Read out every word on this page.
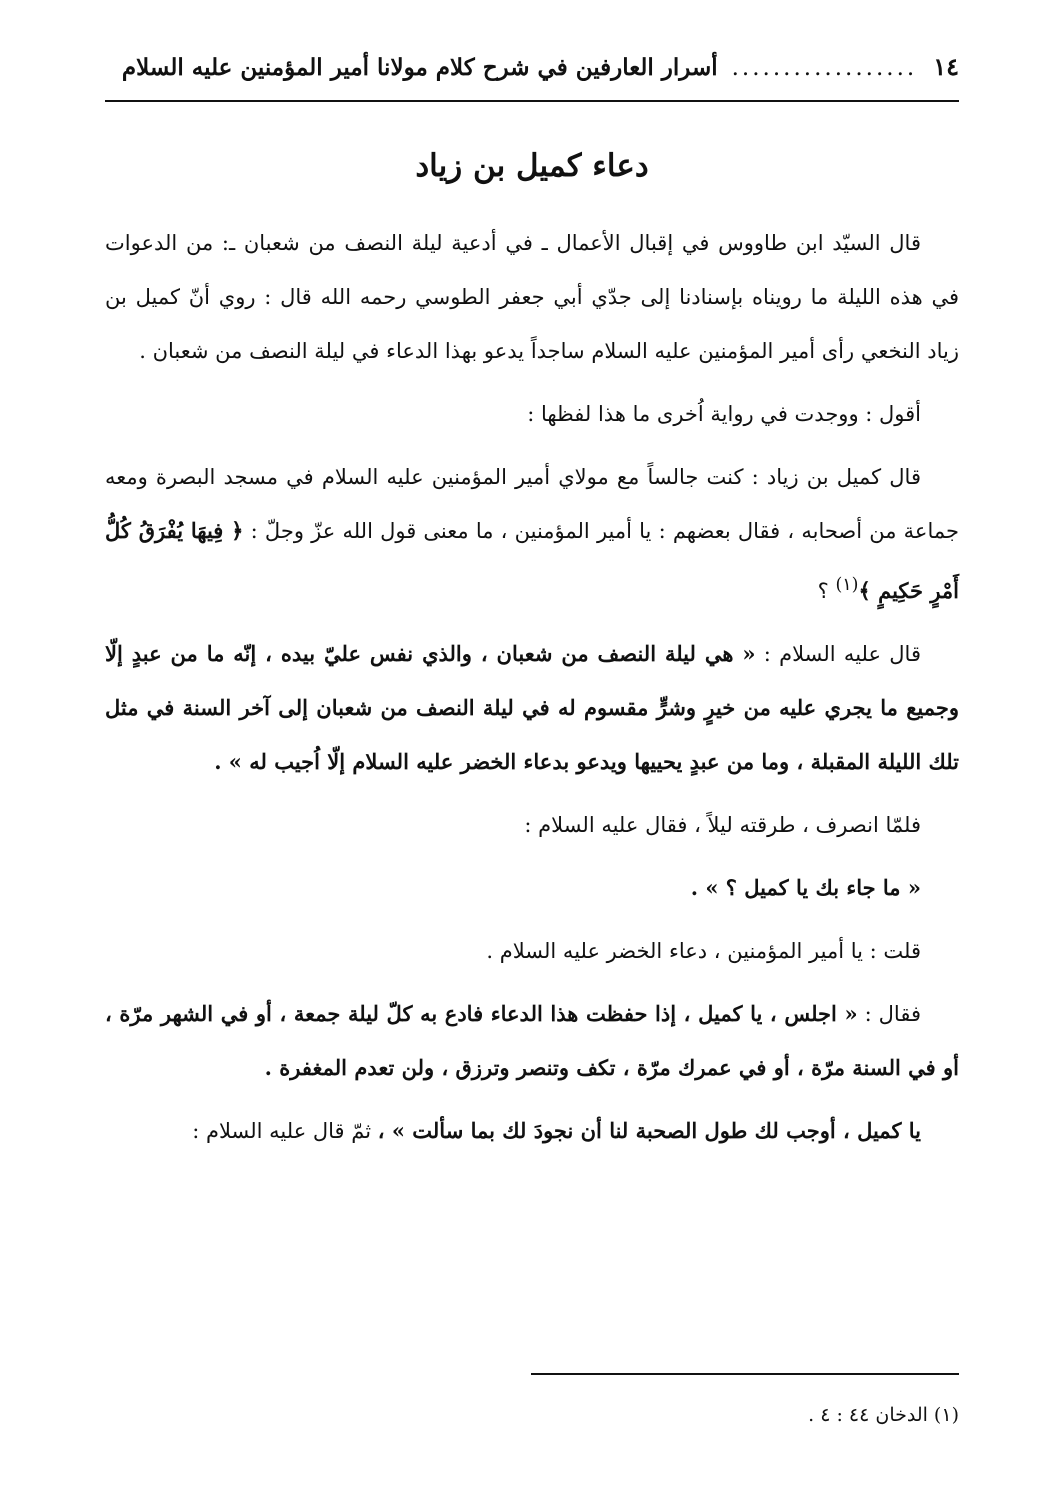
١٤
..................
أسرار العارفين في شرح كلام مولانا أمير المؤمنين عليه السلام
دعاء كميل بن زياد

قال السيّد ابن طاووس في إقبال الأعمال ـ في أدعية ليلة النصف من شعبان ـ: من الدعوات في هذه الليلة ما رويناه بإسنادنا إلى جدّي أبي جعفر الطوسي رحمه الله قال : روي أنّ كميل بن زياد النخعي رأى أمير المؤمنين عليه السلام ساجداً يدعو بهذا الدعاء في ليلة النصف من شعبان .

أقول : ووجدت في رواية اُخرى ما هذا لفظها :

قال كميل بن زياد : كنت جالساً مع مولاي أمير المؤمنين عليه السلام في مسجد البصرة ومعه جماعة من أصحابه ، فقال بعضهم : يا أمير المؤمنين ، ما معنى قول الله عزّ وجلّ : ﴿ فِيهَا يُفْرَقُ كُلُّ أَمْرٍ حَكِيمٍ ﴾$^{(١)}$ ؟

قال عليه السلام : « هي ليلة النصف من شعبان ، والذي نفس عليّ بيده ، إنّه ما من عبدٍ إلّا وجميع ما يجري عليه من خيرٍ وشرٍّ مقسوم له في ليلة النصف من شعبان إلى آخر السنة في مثل تلك الليلة المقبلة ، وما من عبدٍ يحييها ويدعو بدعاء الخضر عليه السلام إلّا اُجيب له » .

فلمّا انصرف ، طرقته ليلاً ، فقال عليه السلام :

« ما جاء بك يا كميل ؟ » .

قلت : يا أمير المؤمنين ، دعاء الخضر عليه السلام .

فقال : « اجلس ، يا كميل ، إذا حفظت هذا الدعاء فادع به كلّ ليلة جمعة ، أو في الشهر مرّة ، أو في السنة مرّة ، أو في عمرك مرّة ، تكف وتنصر وترزق ، ولن تعدم المغفرة .

يا كميل ، أوجب لك طول الصحبة لنا أن نجودَ لك بما سألت » ، ثمّ قال عليه السلام :

(١) الدخان ٤٤ : ٤ .
